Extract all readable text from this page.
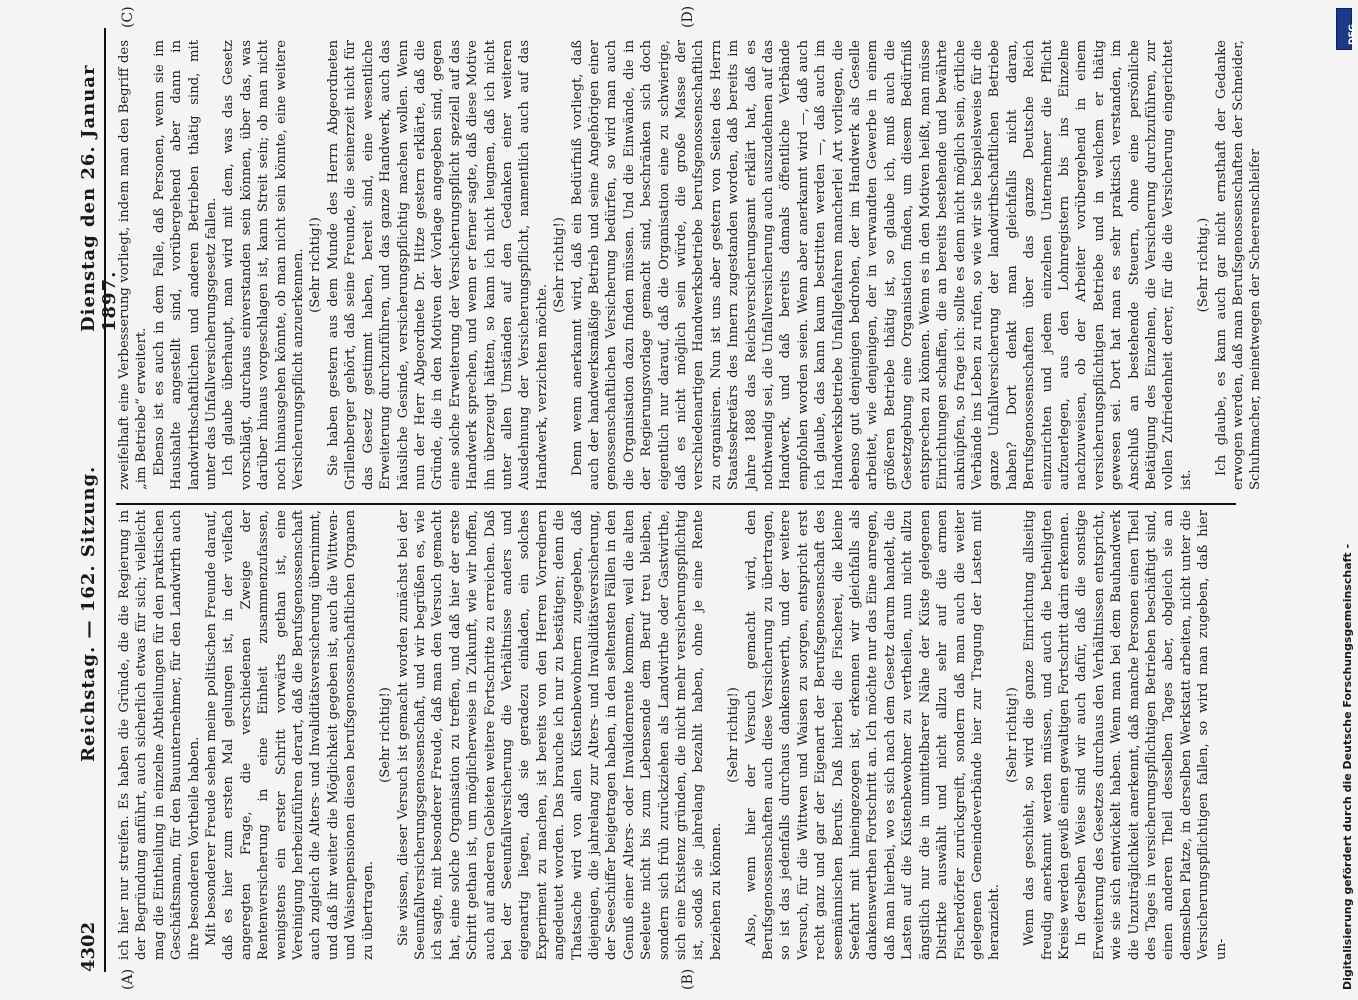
4302
Reichstag. — 162. Sitzung.
Dienstag den 26. Januar 1897.
(A)	(B)
(C)	(D)

ich hier nur streifen. Es haben die Gründe, die die Regierung in der Begründung anführt, auch sicherlich etwas für sich; vielleicht mag die Eintheilung in einzelne Abtheilungen für den praktischen Geschäftsmann, für den Bauunternehmer, für den Landwirth auch ihre besonderen Vortheile haben. Mit besonderer Freude sehen meine politischen Freunde darauf, daß es hier zum ersten Mal gelungen ist, in der vielfach angeregten Frage, die verschiedenen Zweige der Rentenversicherung in eine Einheit zusammenzufassen, wenigstens ein erster Schritt vorwärts gethan ist, eine Vereinigung herbeizuführen derart, daß die Berufsgenossenschaft auch zugleich die Alters- und Invaliditätsversicherung übernimmt, und daß ihr weiter die Möglichkeit gegeben ist, auch die Wittwen- und Waisenpensionen diesen berufsgenossenschaftlichen Organen zu übertragen.

(Sehr richtig!) Sie wissen, dieser Versuch ist gemacht worden zunächst bei der Seeunfallversicherungsgenossenschaft, und wir begrüßen es, wie ich sagte, mit besonderer Freude, daß man den Versuch gemacht hat, eine solche Organisation zu treffen, und daß hier der erste Schritt gethan ist, um möglicherweise in Zukunft, wie wir hoffen, auch auf anderen Gebieten weitere Fortschritte zu erreichen. Daß bei der Seeunfallversicherung die Verhältnisse anders und eigenartig liegen, daß sie geradezu einladen, ein solches Experiment zu machen, ist bereits von den Herren Vorrednern angedeutet worden. Das brauche ich nur zu bestätigen; denn die Thatsache wird von allen Küstenbewohnern zugegeben, daß diejenigen, die jahrelang zur Alters- und Invaliditätsversicherung, der Seeschiffer beigetragen haben, in den seltensten Fällen in den Genuß einer Alters- oder Invalidenrente kommen, weil die alten Seeleute nicht bis zum Lebensende dem Beruf treu bleiben, sondern sich früh zurückziehen als Landwirthe oder Gastwirthe, sich eine Existenz gründen, die nicht mehr versicherungspflichtig ist, sodaß sie jahrelang bezahlt haben, ohne je eine Rente beziehen zu können.

(Sehr richtig!) Also, wenn hier der Versuch gemacht wird, den Berufsgenossenschaften auch diese Versicherung zu übertragen, so ist das jedenfalls durchaus dankenswerth, und der weitere Versuch, für die Wittwen und Waisen zu sorgen, entspricht erst recht ganz und gar der Eigenart der Berufsgenossenschaft des seemännischen Berufs. Daß hierbei die Fischerei, die kleine Seefahrt mit hineingezogen ist, erkennen wir gleichfalls als dankenswerthen Fortschritt an. Ich möchte nur das Eine anregen, daß man hierbei, wo es sich nach dem Gesetz darum handelt, die Lasten auf die Küstenbewohner zu vertheilen, nun nicht allzu ängstlich nur die in unmittelbarer Nähe der Küste gelegenen Distrikte auswählt und nicht allzu sehr auf die armen Fischerdörfer zurückgreift, sondern daß man auch die weiter gelegenen Gemeindeverbände hier zur Tragung der Lasten mit heranzieht.

(Sehr richtig!) Wenn das geschieht, so wird die ganze Einrichtung allseitig freudig anerkannt werden müssen, und auch die betheiligten Kreise werden gewiß einen gewaltigen Fortschritt darin erkennen. In derselben Weise sind wir auch dafür, daß die sonstige Erweiterung des Gesetzes durchaus den Verhältnissen entspricht, wie sie sich entwickelt haben. Wenn man bei dem Bauhandwerk die Unzuträglichkeit anerkennt, daß manche Personen einen Theil des Tages in versicherungspflichtigen Betrieben beschäftigt sind, einen anderen Theil desselben Tages aber, obgleich sie an demselben Platze, in derselben Werkstatt arbeiten, nicht unter die Versicherungspflichtigen fallen, so wird man zugeben, daß hier un-

zweifelhaft eine Verbesserung vorliegt, indem man den Begriff des „im Betriebe“ erweitert. Ebenso ist es auch in dem Falle, daß Personen, wenn sie im Haushalte angestellt sind, vorübergehend aber dann in landwirthschaftlichen und anderen Betrieben thätig sind, mit unter das Unfallversicherungsgesetz fallen. Ich glaube überhaupt, man wird mit dem, was das Gesetz vorschlägt, durchaus einverstanden sein können, über das, was darüber hinaus vorgeschlagen ist, kann Streit sein; ob man nicht noch hinausgehen könnte, ob man nicht sein könnte, eine weitere Versicherungspflicht anzuerkennen. (Sehr richtig!) Sie haben gestern aus dem Munde des Herrn Abgeordneten Grillenberger gehört, daß seine Freunde, die seinerzeit nicht für das Gesetz gestimmt haben, bereit sind, eine wesentliche Erweiterung durchzuführen, und das ganze Handwerk, auch das häusliche Gesinde, versicherungspflichtig machen wollen. Wenn nun der Herr Abgeordnete Dr. Hitze gestern erklärte, daß die Gründe, die in den Motiven der Vorlage angegeben sind, gegen eine solche Erweiterung der Versicherungspflicht speziell auf das Handwerk sprechen, und wenn er ferner sagte, daß diese Motive ihn überzeugt hätten, so kann ich nicht leugnen, daß ich nicht unter allen Umständen auf den Gedanken einer weiteren Ausdehnung der Versicherungspflicht, namentlich auch auf das Handwerk, verzichten möchte.

(Sehr richtig!) Denn wenn anerkannt wird, daß ein Bedürfniß vorliegt, daß auch der handwerksmäßige Betrieb und seine Angehörigen einer genossenschaftlichen Versicherung bedürfen, so wird man auch die Organisation dazu finden müssen. Und die Einwände, die in der Regierungsvorlage gemacht sind, beschränken sich doch eigentlich nur darauf, daß die Organisation eine zu schwierige, daß es nicht möglich sein würde, die große Masse der verschiedenartigen Handwerksbetriebe berufsgenossenschaftlich zu organisiren. Nun ist uns aber gestern von Seiten des Herrn Staatssekretärs des Innern zugestanden worden, daß bereits im Jahre 1888 das Reichsversicherungsamt erklärt hat, daß es nothwendig sei, die Unfallversicherung auch auszudehnen auf das Handwerk, und daß bereits damals öffentliche Verbände empfohlen worden seien. Wenn aber anerkannt wird —, daß auch ich glaube, das kann kaum bestritten werden —, daß auch im Handwerksbetriebe Unfallgefahren mancherlei Art vorliegen, die ebenso gut denjenigen bedrohen, der im Handwerk als Geselle arbeitet, wie denjenigen, der in verwandten Gewerbe in einem größeren Betriebe thätig ist, so glaube ich, muß auch die Gesetzgebung eine Organisation finden, um diesem Bedürfniß entsprechen zu können. Wenn es in den Motiven heißt, man müsse Einrichtungen schaffen, die an bereits bestehende und bewährte anknüpfen, so frage ich: sollte es denn nicht möglich sein, örtliche Verbände ins Leben zu rufen, so wie wir sie beispielsweise für die ganze Unfallversicherung der landwirthschaftlichen Betriebe haben? Dort denkt man gleichfalls nicht daran, Berufsgenossenschaften über das ganze Deutsche Reich einzurichten und jedem einzelnen Unternehmer die Pflicht aufzuerlegen, aus den Lohnregistern bis ins Einzelne nachzuweisen, ob der Arbeiter vorübergehend in einem versicherungspflichtigen Betriebe und in welchem er thätig gewesen sei. Dort hat man es sehr praktisch verstanden, im Anschluß an bestehende Steuern, ohne eine persönliche Betätigung des Einzelnen, die Versicherung durchzuführen, zur vollen Zufriedenheit derer, für die die Versicherung eingerichtet ist.

(Sehr richtig.) Ich glaube, es kann auch gar nicht ernsthaft der Gedanke erwogen werden, daß man Berufsgenossenschaften der Schneider, Schuhmacher, meinetwegen der Scheerenschleifer

DFG
Digitalisierung gefördert durch die Deutsche Forschungsgemeinschaft -
